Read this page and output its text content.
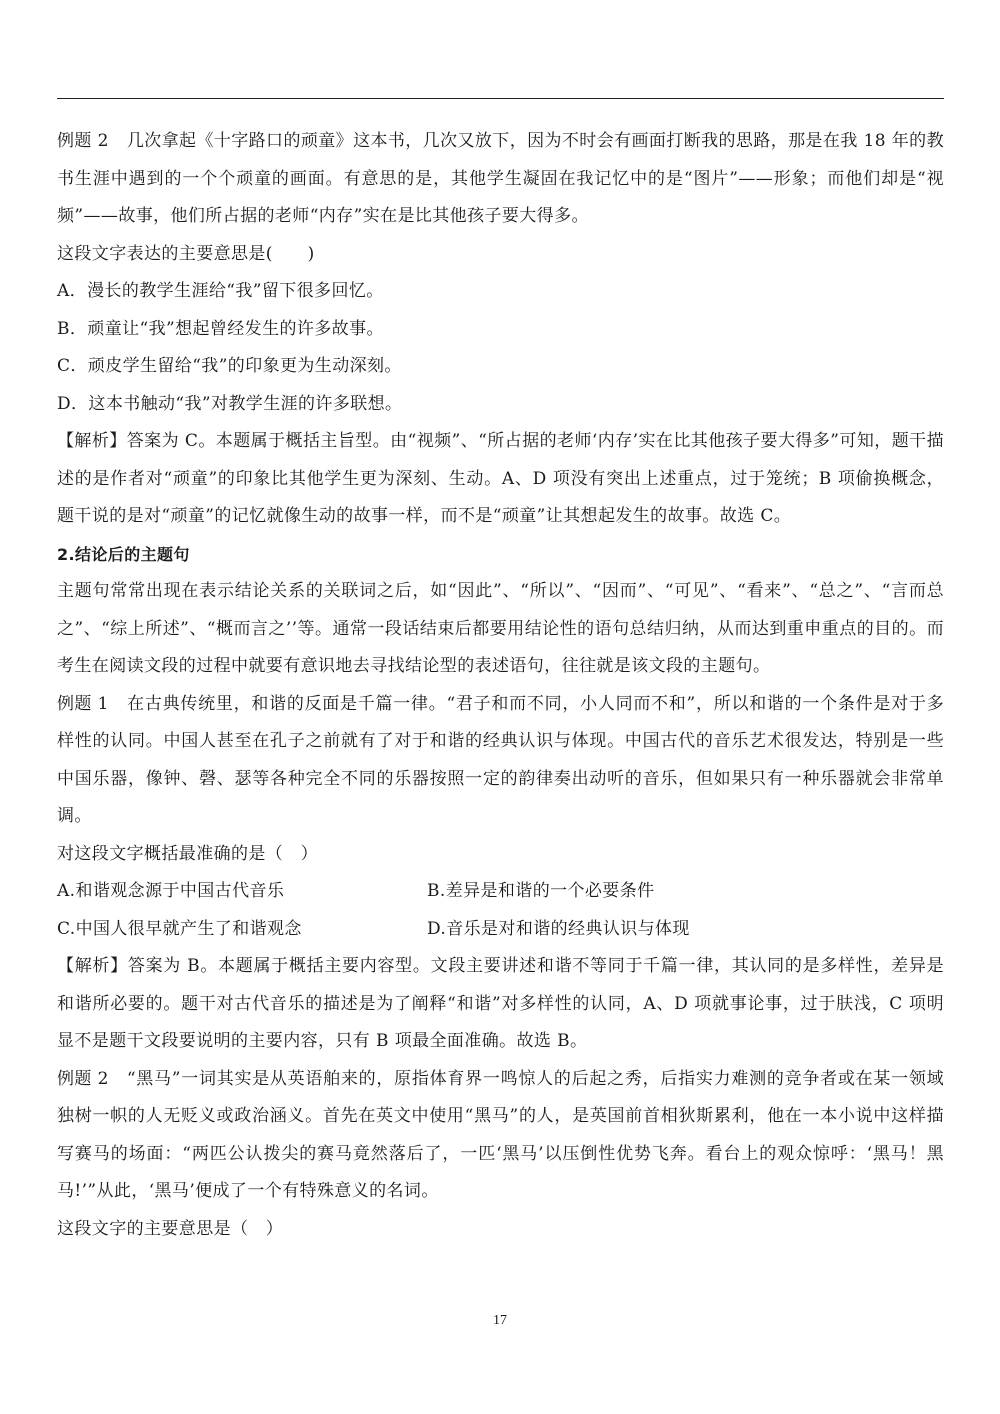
例题 2 几次拿起《十字路口的顽童》这本书，几次又放下，因为不时会有画面打断我的思路，那是在我 18 年的教书生涯中遇到的一个个顽童的画面。有意思的是，其他学生凝固在我记忆中的是“图片”——形象；而他们却是“视频”——故事，他们所占据的老师“内存”实在是比其他孩子要大得多。

这段文字表达的主要意思是(　　)

A．漫长的教学生涯给“我”留下很多回忆。

B．顽童让“我”想起曾经发生的许多故事。

C．顽皮学生留给“我”的印象更为生动深刻。

D．这本书触动“我”对教学生涯的许多联想。

【解析】答案为 C。本题属于概括主旨型。由“视频”、“所占据的老师‘内存’实在比其他孩子要大得多”可知，题干描述的是作者对“顽童”的印象比其他学生更为深刻、生动。A、D 项没有突出上述重点，过于笼统；B 项偷换概念，题干说的是对“顽童”的记忆就像生动的故事一样，而不是“顽童”让其想起发生的故事。故选 C。

2.结论后的主题句

主题句常常出现在表示结论关系的关联词之后，如“因此”、“所以”、“因而”、“可见”、“看来”、“总之”、“言而总之”、“综上所述”、“概而言之’’等。通常一段话结束后都要用结论性的语句总结归纳，从而达到重申重点的目的。而考生在阅读文段的过程中就要有意识地去寻找结论型的表述语句，往往就是该文段的主题句。

例题 1 在古典传统里，和谐的反面是千篇一律。“君子和而不同，小人同而不和”，所以和谐的一个条件是对于多样性的认同。中国人甚至在孔子之前就有了对于和谐的经典认识与体现。中国古代的音乐艺术很发达，特别是一些中国乐器，像钟、磬、瑟等各种完全不同的乐器按照一定的韵律奏出动听的音乐，但如果只有一种乐器就会非常单调。

对这段文字概括最准确的是（　）

A.和谐观念源于中国古代音乐	B.差异是和谐的一个必要条件
C.中国人很早就产生了和谐观念	D.音乐是对和谐的经典认识与体现

【解析】答案为 B。本题属于概括主要内容型。文段主要讲述和谐不等同于千篇一律，其认同的是多样性，差异是和谐所必要的。题干对古代音乐的描述是为了阐释“和谐”对多样性的认同，A、D 项就事论事，过于肤浅，C 项明显不是题干文段要说明的主要内容，只有 B 项最全面准确。故选 B。

例题 2 “黑马”一词其实是从英语舶来的，原指体育界一鸣惊人的后起之秀，后指实力难测的竞争者或在某一领域独树一帜的人无贬义或政治涵义。首先在英文中使用“黑马”的人，是英国前首相狄斯累利，他在一本小说中这样描写赛马的场面：“两匹公认拨尖的赛马竟然落后了，一匹‘黑马’以压倒性优势飞奔。看台上的观众惊呼：‘黑马！黑马!’”从此，‘黑马’便成了一个有特殊意义的名词。

这段文字的主要意思是（　）

17
